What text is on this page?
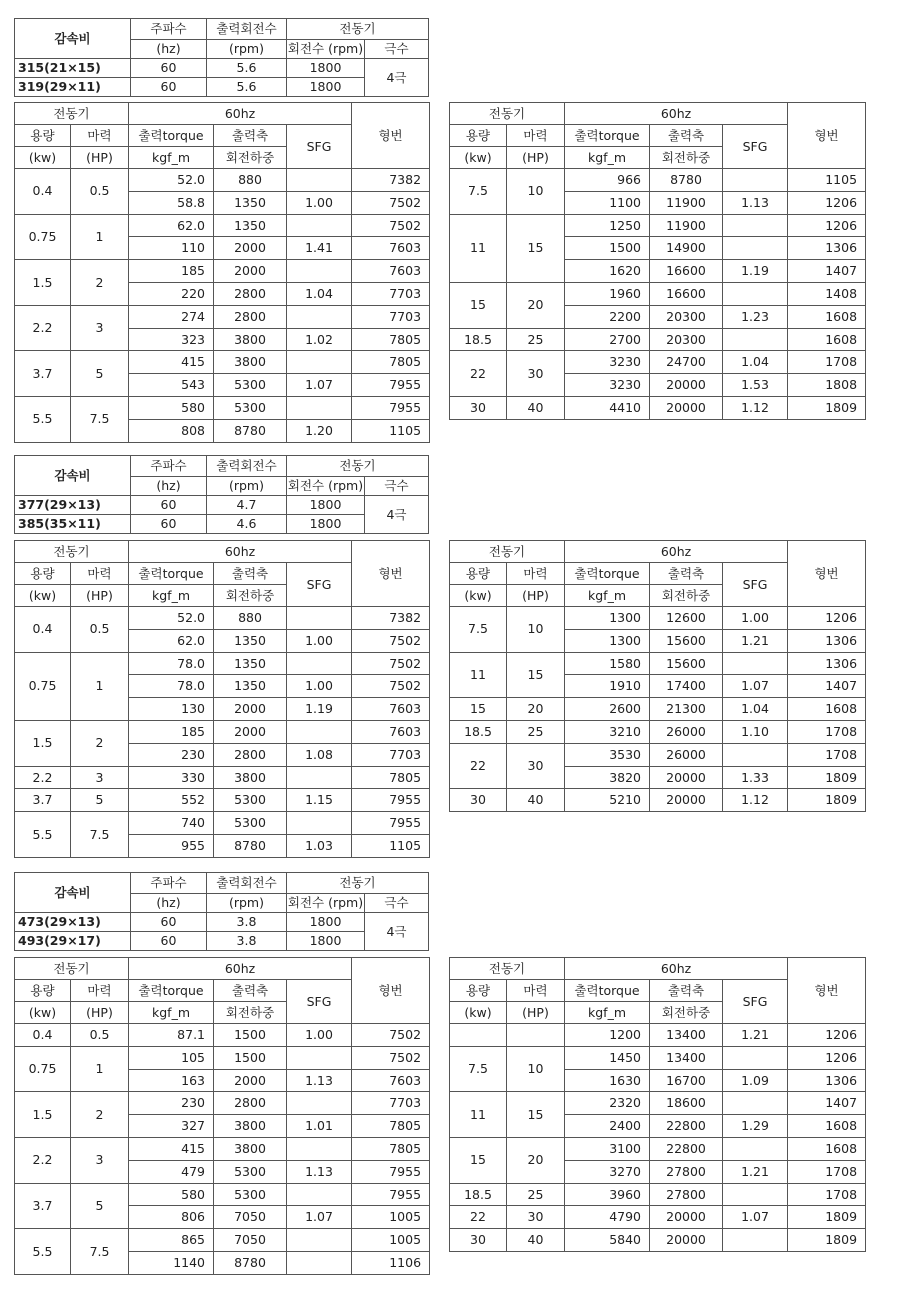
감속비	주파수	출력회전수	전동기	
	(hz)	(rpm)	회전수 (rpm)	극수
315(21×15)	60	5.6	1800	4극
319(29×11)	60	5.6	1800	
전동기		60hz			형번
용량	마력	출력torque	출력축	SFG	
(kw)	(HP)	kgf_m	회전하중		
0.4	0.5	52.0	880		7382
		58.8	1350	1.00	7502
0.75	1	62.0	1350		7502
		110	2000	1.41	7603
1.5	2	185	2000		7603
		220	2800	1.04	7703
2.2	3	274	2800		7703
		323	3800	1.02	7805
3.7	5	415	3800		7805
		543	5300	1.07	7955
5.5	7.5	580	5300		7955
		808	8780	1.20	1105
전동기		60hz			형번
용량	마력	출력torque	출력축	SFG	
(kw)	(HP)	kgf_m	회전하중		
7.5	10	966	8780		1105
		1100	11900	1.13	1206
11	15	1250	11900		1206
		1500	14900		1306
		1620	16600	1.19	1407
15	20	1960	16600		1408
		2200	20300	1.23	1608
18.5	25	2700	20300		1608
22	30	3230	24700	1.04	1708
		3230	20000	1.53	1808
30	40	4410	20000	1.12	1809
감속비	주파수	출력회전수	전동기	
	(hz)	(rpm)	회전수 (rpm)	극수
377(29×13)	60	4.7	1800	4극
385(35×11)	60	4.6	1800	
전동기		60hz			형번
용량	마력	출력torque	출력축	SFG	
(kw)	(HP)	kgf_m	회전하중		
0.4	0.5	52.0	880		7382
		62.0	1350	1.00	7502
0.75	1	78.0	1350		7502
		78.0	1350	1.00	7502
		130	2000	1.19	7603
1.5	2	185	2000		7603
		230	2800	1.08	7703
2.2	3	330	3800		7805
3.7	5	552	5300	1.15	7955
5.5	7.5	740	5300		7955
		955	8780	1.03	1105
전동기		60hz			형번
용량	마력	출력torque	출력축	SFG	
(kw)	(HP)	kgf_m	회전하중		
7.5	10	1300	12600	1.00	1206
		1300	15600	1.21	1306
11	15	1580	15600		1306
		1910	17400	1.07	1407
15	20	2600	21300	1.04	1608
18.5	25	3210	26000	1.10	1708
22	30	3530	26000		1708
		3820	20000	1.33	1809
30	40	5210	20000	1.12	1809
감속비	주파수	출력회전수	전동기	
	(hz)	(rpm)	회전수 (rpm)	극수
473(29×13)	60	3.8	1800	4극
493(29×17)	60	3.8	1800	
전동기		60hz			형번
용량	마력	출력torque	출력축	SFG	
(kw)	(HP)	kgf_m	회전하중		
0.4	0.5	87.1	1500	1.00	7502
0.75	1	105	1500		7502
		163	2000	1.13	7603
1.5	2	230	2800		7703
		327	3800	1.01	7805
2.2	3	415	3800		7805
		479	5300	1.13	7955
3.7	5	580	5300		7955
		806	7050	1.07	1005
5.5	7.5	865	7050		1005
		1140	8780		1106
전동기		60hz			형번
용량	마력	출력torque	출력축	SFG	
(kw)	(HP)	kgf_m	회전하중		
		1200	13400	1.21	1206
7.5	10	1450	13400		1206
		1630	16700	1.09	1306
11	15	2320	18600		1407
		2400	22800	1.29	1608
15	20	3100	22800		1608
		3270	27800	1.21	1708
18.5	25	3960	27800		1708
22	30	4790	20000	1.07	1809
30	40	5840	20000		1809
